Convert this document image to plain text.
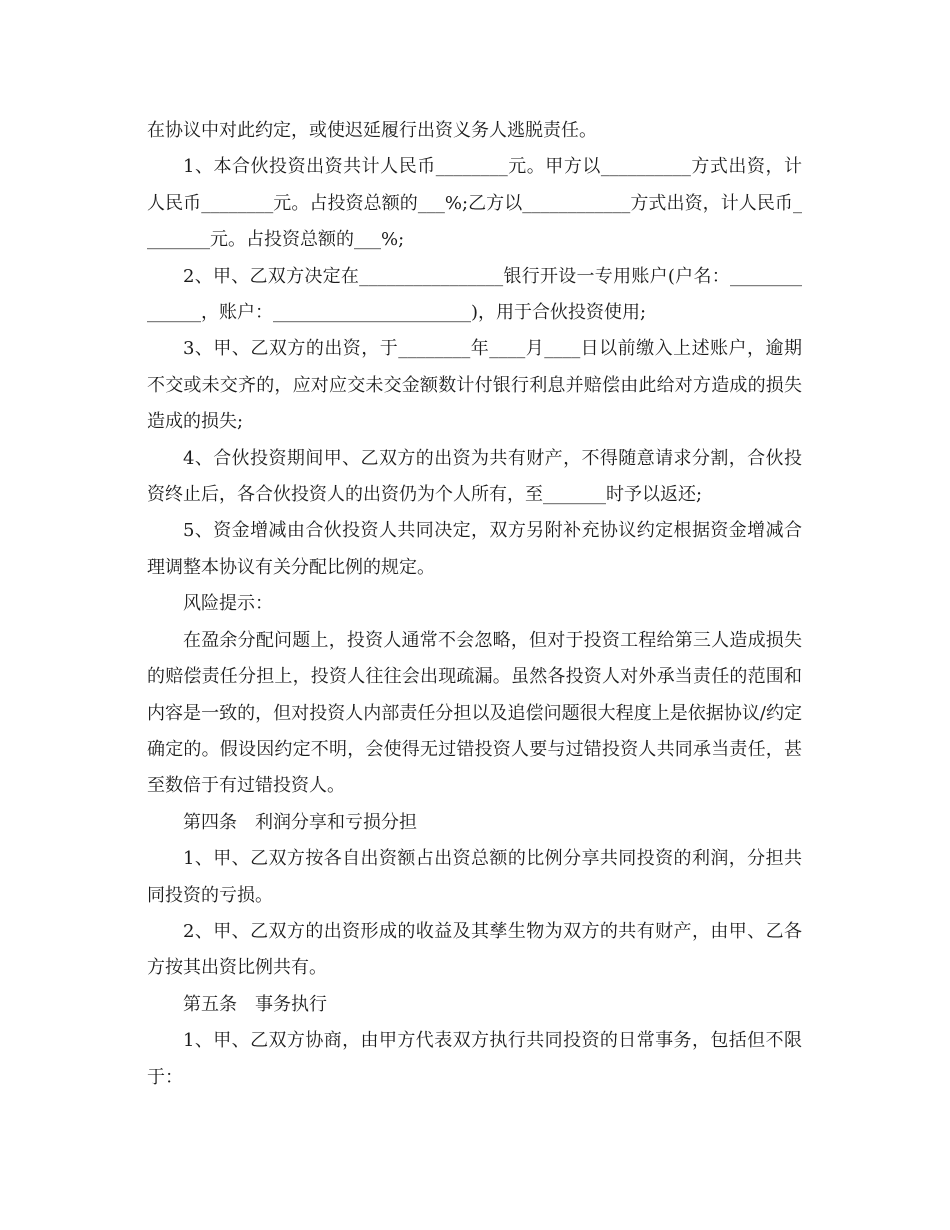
在协议中对此约定，或使迟延履行出资义务人逃脱责任。

1、本合伙投资出资共计人民币________元。甲方以__________方式出资，计人民币________元。占投资总额的___%;乙方以____________方式出资，计人民币________元。占投资总额的___%;

2、甲、乙双方决定在________________银行开设一专用账户(户名：______________，账户：______________________)，用于合伙投资使用;

3、甲、乙双方的出资，于________年____月____日以前缴入上述账户，逾期不交或未交齐的，应对应交未交金额数计付银行利息并赔偿由此给对方造成的损失造成的损失;

4、合伙投资期间甲、乙双方的出资为共有财产，不得随意请求分割，合伙投资终止后，各合伙投资人的出资仍为个人所有，至_______时予以返还;

5、资金增减由合伙投资人共同决定，双方另附补充协议约定根据资金增减合理调整本协议有关分配比例的规定。

风险提示：

在盈余分配问题上，投资人通常不会忽略，但对于投资工程给第三人造成损失的赔偿责任分担上，投资人往往会出现疏漏。虽然各投资人对外承当责任的范围和内容是一致的，但对投资人内部责任分担以及追偿问题很大程度上是依据协议/约定确定的。假设因约定不明，会使得无过错投资人要与过错投资人共同承当责任，甚至数倍于有过错投资人。

第四条　利润分享和亏损分担

1、甲、乙双方按各自出资额占出资总额的比例分享共同投资的利润，分担共同投资的亏损。

2、甲、乙双方的出资形成的收益及其孳生物为双方的共有财产，由甲、乙各方按其出资比例共有。

第五条　事务执行

1、甲、乙双方协商，由甲方代表双方执行共同投资的日常事务，包括但不限于：
